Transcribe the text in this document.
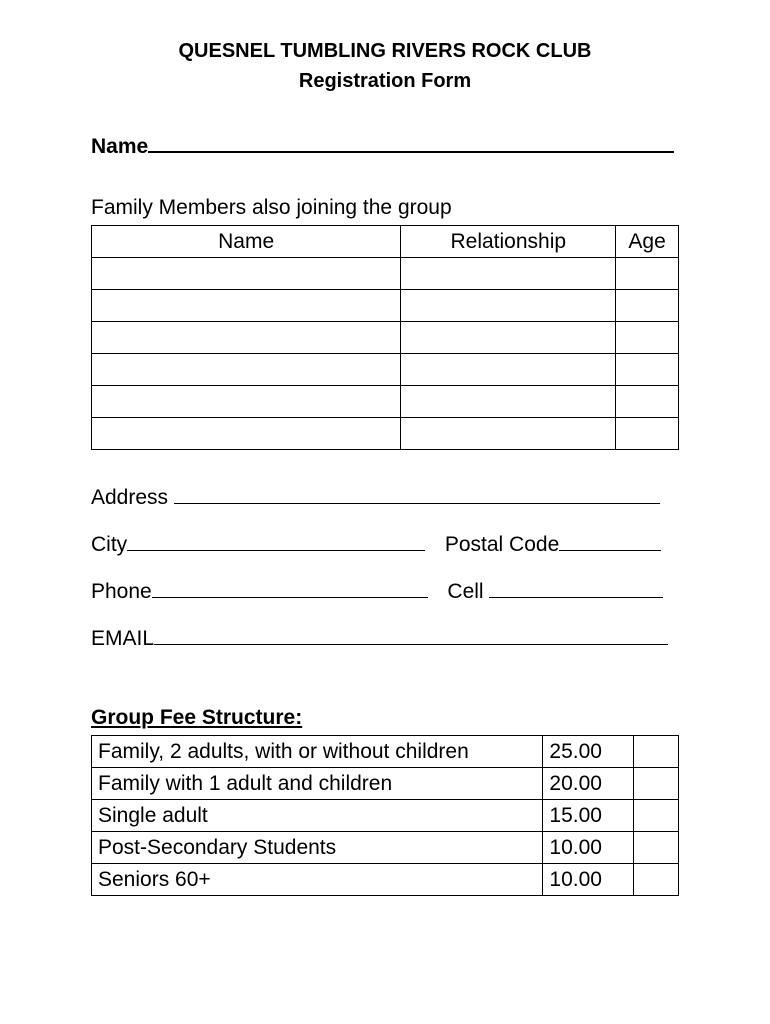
QUESNEL TUMBLING RIVERS ROCK CLUB
Registration Form
Name
Family Members also joining the group
Name	Relationship	Age

Address
City	Postal Code
Phone	Cell
EMAIL
Group Fee Structure:
Family, 2 adults, with or without children	25.00	
Family with 1 adult and children	20.00	
Single adult	15.00	
Post-Secondary Students	10.00	
Seniors 60+	10.00	
